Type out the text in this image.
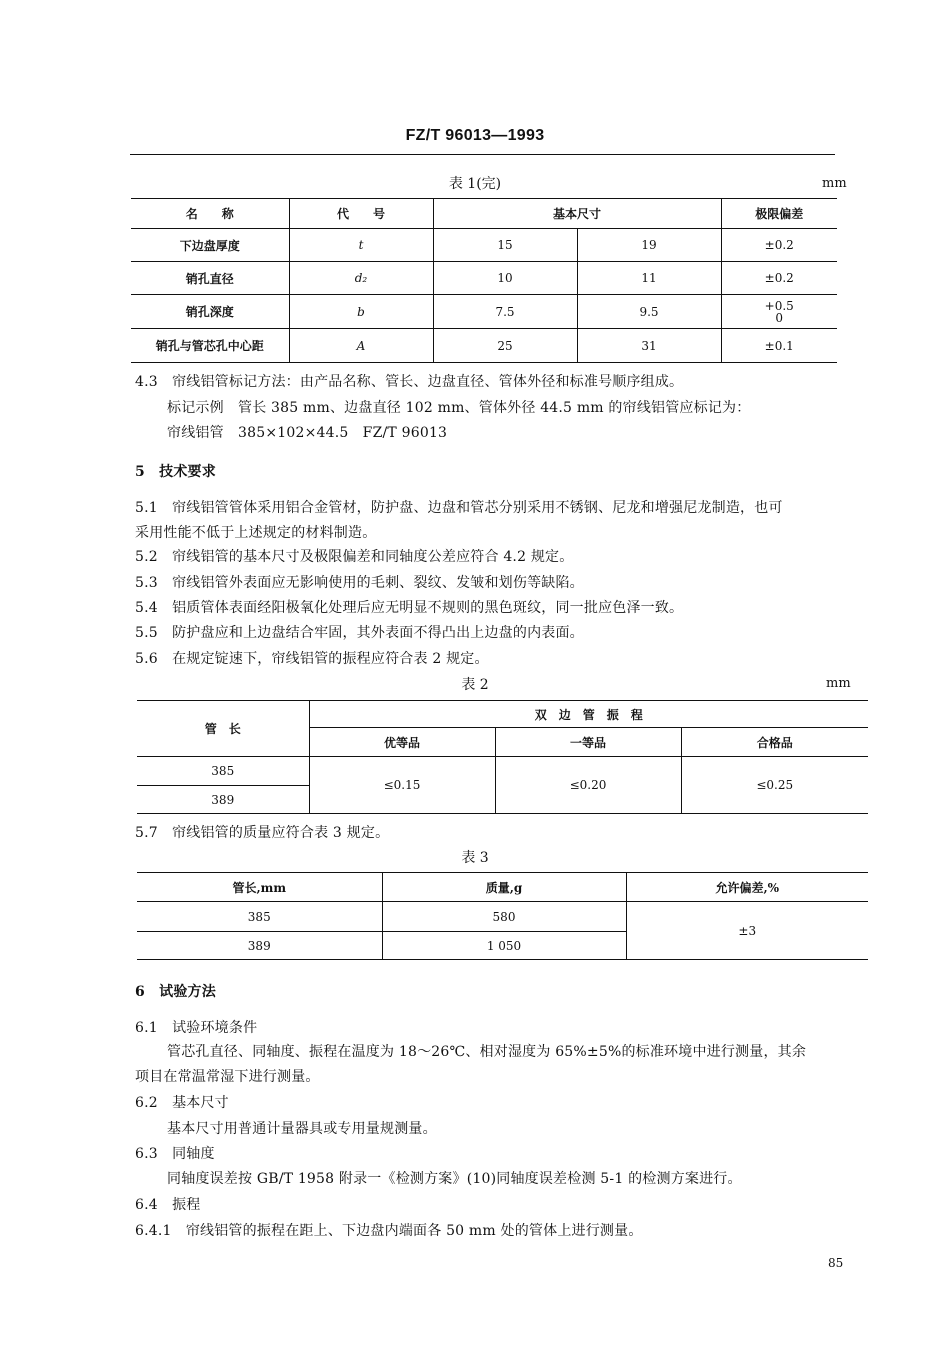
FZ/T 96013—1993
表 1(完)	mm
名　　称	代　　号	基本尺寸		极限偏差
下边盘厚度	t	15	19	±0.2
销孔直径	d₂	10	11	±0.2
销孔深度	b	7.5	9.5	+0.5
0

销孔与管芯孔中心距	A	25	31	±0.1
4.3　帘线铝管标记方法：由产品名称、管长、边盘直径、管体外径和标准号顺序组成。
标记示例　管长 385 mm、边盘直径 102 mm、管体外径 44.5 mm 的帘线铝管应标记为：
帘线铝管　385×102×44.5　FZ/T 96013
5　技术要求
5.1　帘线铝管管体采用铝合金管材，防护盘、边盘和管芯分别采用不锈钢、尼龙和增强尼龙制造，也可
采用性能不低于上述规定的材料制造。
5.2　帘线铝管的基本尺寸及极限偏差和同轴度公差应符合 4.2 规定。
5.3　帘线铝管外表面应无影响使用的毛刺、裂纹、发皱和划伤等缺陷。
5.4　铝质管体表面经阳极氧化处理后应无明显不规则的黑色斑纹，同一批应色泽一致。
5.5　防护盘应和上边盘结合牢固，其外表面不得凸出上边盘的内表面。
5.6　在规定锭速下，帘线铝管的振程应符合表 2 规定。
表 2	mm
管　长	双　边　管　振　程		
	优等品	一等品	合格品
385	≤0.15	≤0.20	≤0.25
389			
5.7　帘线铝管的质量应符合表 3 规定。
表 3
管长,mm	质量,g	允许偏差,%
385	580	±3
389	1 050	
6　试验方法
6.1　试验环境条件
管芯孔直径、同轴度、振程在温度为 18～26℃、相对湿度为 65%±5%的标准环境中进行测量，其余
项目在常温常湿下进行测量。
6.2　基本尺寸
基本尺寸用普通计量器具或专用量规测量。
6.3　同轴度
同轴度误差按 GB/T 1958 附录一《检测方案》(10)同轴度误差检测 5-1 的检测方案进行。
6.4　振程
6.4.1　帘线铝管的振程在距上、下边盘内端面各 50 mm 处的管体上进行测量。
85
